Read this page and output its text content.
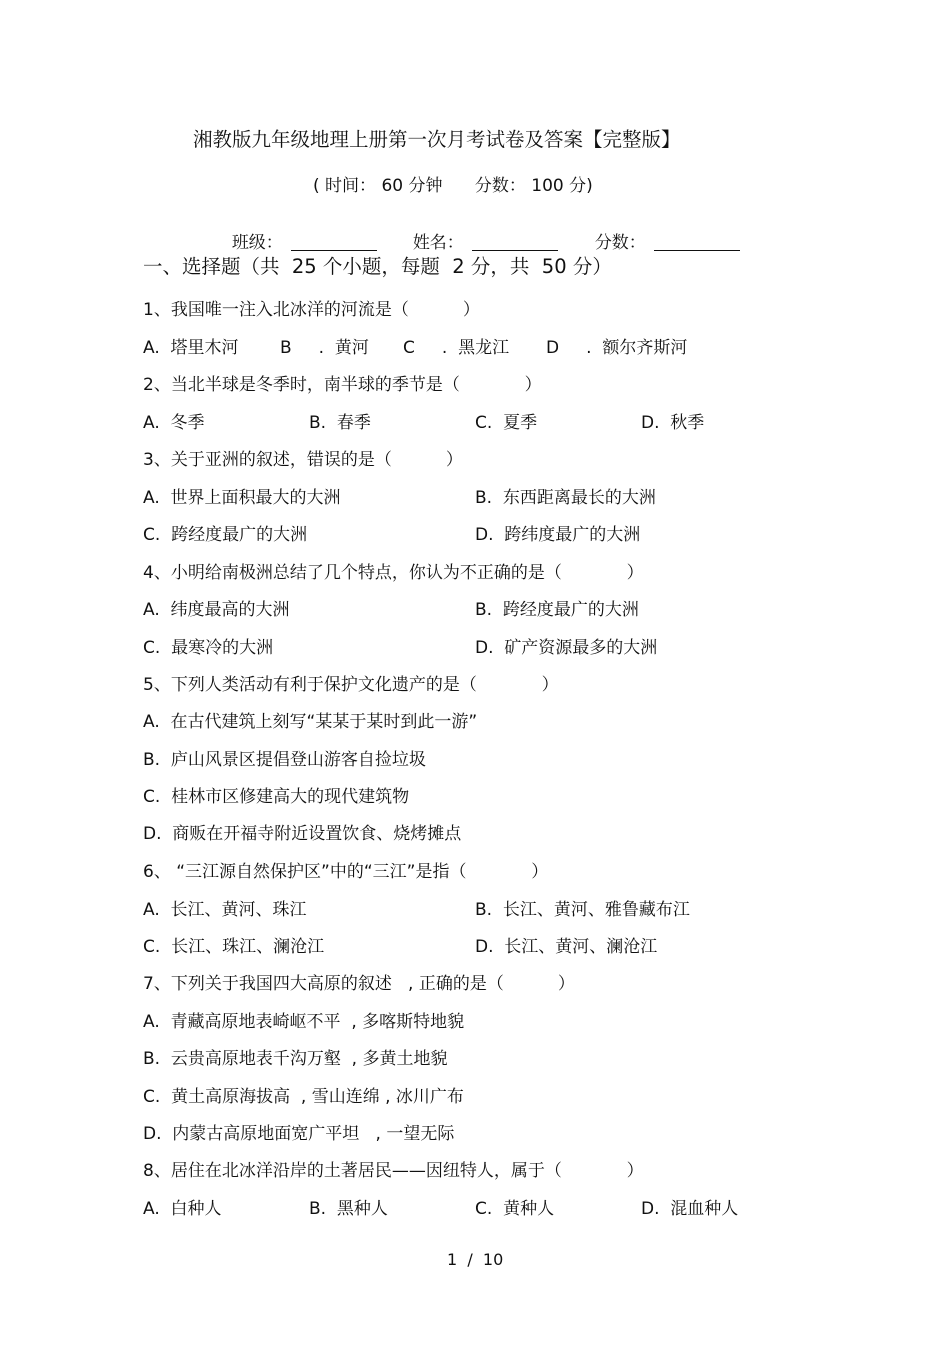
湘教版九年级地理上册第一次月考试卷及答案【完整版】
( 时间： 60 分钟      分数： 100 分)

班级：	姓名：	分数：

一、选择题（共  25 个小题，每题  2 分，共  50 分）
1、我国唯一注入北冰洋的河流是（          ）
A.  塔里木河 B     .  黄河 C     .  黑龙江 D     .  额尔齐斯河
2、当北半球是冬季时，南半球的季节是（            ）
A.  冬季	B.  春季	C.  夏季	D.  秋季
3、关于亚洲的叙述，错误的是（          ）
A.  世界上面积最大的大洲	B.  东西距离最长的大洲
C.  跨经度最广的大洲	D.  跨纬度最广的大洲
4、小明给南极洲总结了几个特点，你认为不正确的是（            ）
A.  纬度最高的大洲	B.  跨经度最广的大洲
C.  最寒冷的大洲	D.  矿产资源最多的大洲
5、下列人类活动有利于保护文化遗产的是（            ）
A.  在古代建筑上刻写“某某于某时到此一游”
B.  庐山风景区提倡登山游客自捡垃圾
C.  桂林市区修建高大的现代建筑物
D.  商贩在开福寺附近设置饮食、烧烤摊点
6、 “三江源自然保护区”中的“三江”是指（            ）
A.  长江、黄河、珠江	B.  长江、黄河、雅鲁藏布江
C.  长江、珠江、澜沧江	D.  长江、黄河、澜沧江
7、下列关于我国四大高原的叙述   , 正确的是（          ）
A.  青藏高原地表崎岖不平  , 多喀斯特地貌
B.  云贵高原地表千沟万壑  , 多黄土地貌
C.  黄土高原海拔高  , 雪山连绵 , 冰川广布
D.  内蒙古高原地面宽广平坦   , 一望无际
8、居住在北冰洋沿岸的土著居民——因纽特人，属于（            ）
A.  白种人	B.  黑种人	C.  黄种人	D.  混血种人
1  /  10
